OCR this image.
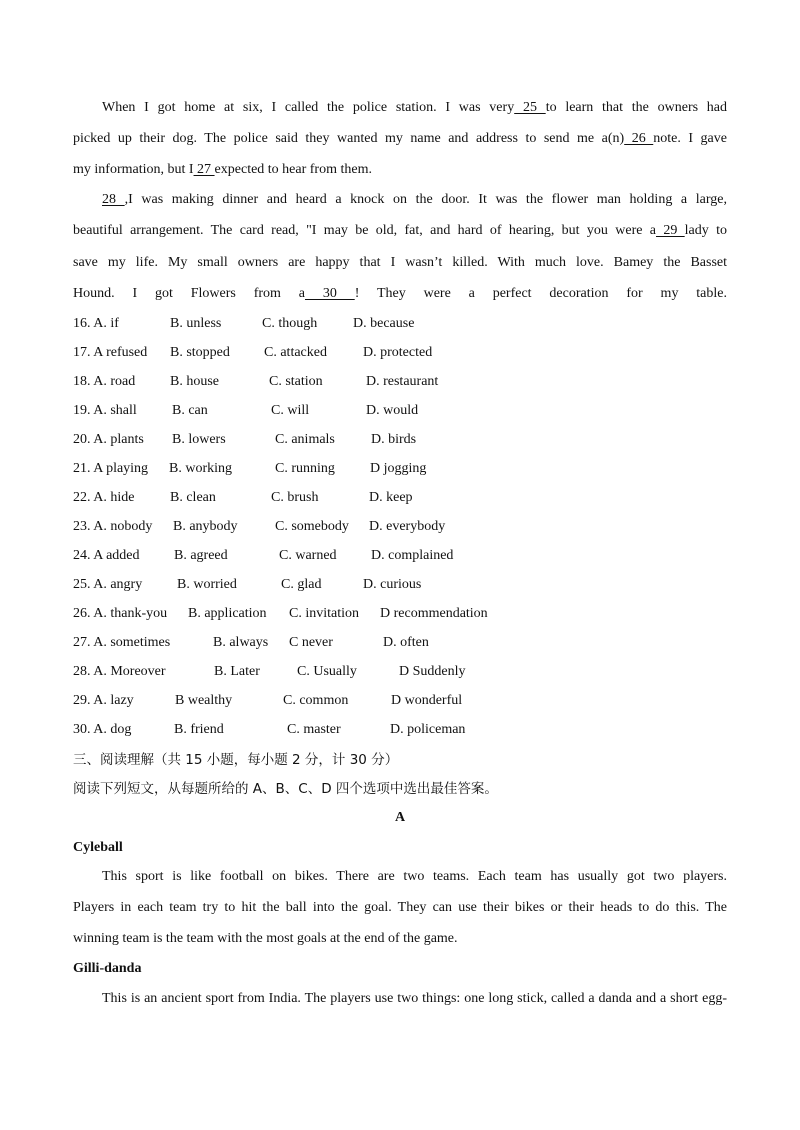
When I got home at six, I called the police station. I was very 25 to learn that the owners had
picked up their dog. The police said they wanted my name and address to send me a(n) 26 note. I gave
my information, but I 27 expected to hear from them.
28 ,I was making dinner and heard a knock on the door. It was the flower man holding a large,
beautiful arrangement. The card read, "I may be old, fat, and hard of hearing, but you were a 29 lady to
save my life. My small owners are happy that I wasn’t killed. With much love. Bamey the Basset
Hound. I got Flowers from a 30 ! They were a perfect decoration for my table.
16. A. if	B. unless	C. though	D. because
17. A refused B. stopped C. attacked	D. protected
18. A. road B. house	C. station	D. restaurant
19. A. shall	B. can	C. will	D. would
20. A. plants B. lowers	C. animals	D. birds
21. A playing B. working	C. running	D jogging
22. A. hide	B. clean	C. brush	D. keep
23. A. nobody B. anybody	C. somebody D. everybody
24. A added B. agreed	C. warned D. complained
25. A. angry B. worried	C. glad	D. curious
26. A. thank-you B. application C. invitation D recommendation
27. A. sometimes	B. always C never	D. often
28. A. Moreover	B. Later	C. Usually	D Suddenly
29. A. lazy	B wealthy	C. common	D wonderful
30. A. dog	B. friend	C. master	D. policeman
三、阅读理解（共 15 小题，每小题 2 分，计 30 分）
阅读下列短文，从每题所给的 A、B、C、D 四个选项中选出最佳答案。
A
Cyleball
This sport is like football on bikes. There are two teams. Each team has usually got two players.
Players in each team try to hit the ball into the goal. They can use their bikes or their heads to do this. The
winning team is the team with the most goals at the end of the game.
Gilli-danda
This is an ancient sport from India. The players use two things: one long stick, called a danda and a short egg-
